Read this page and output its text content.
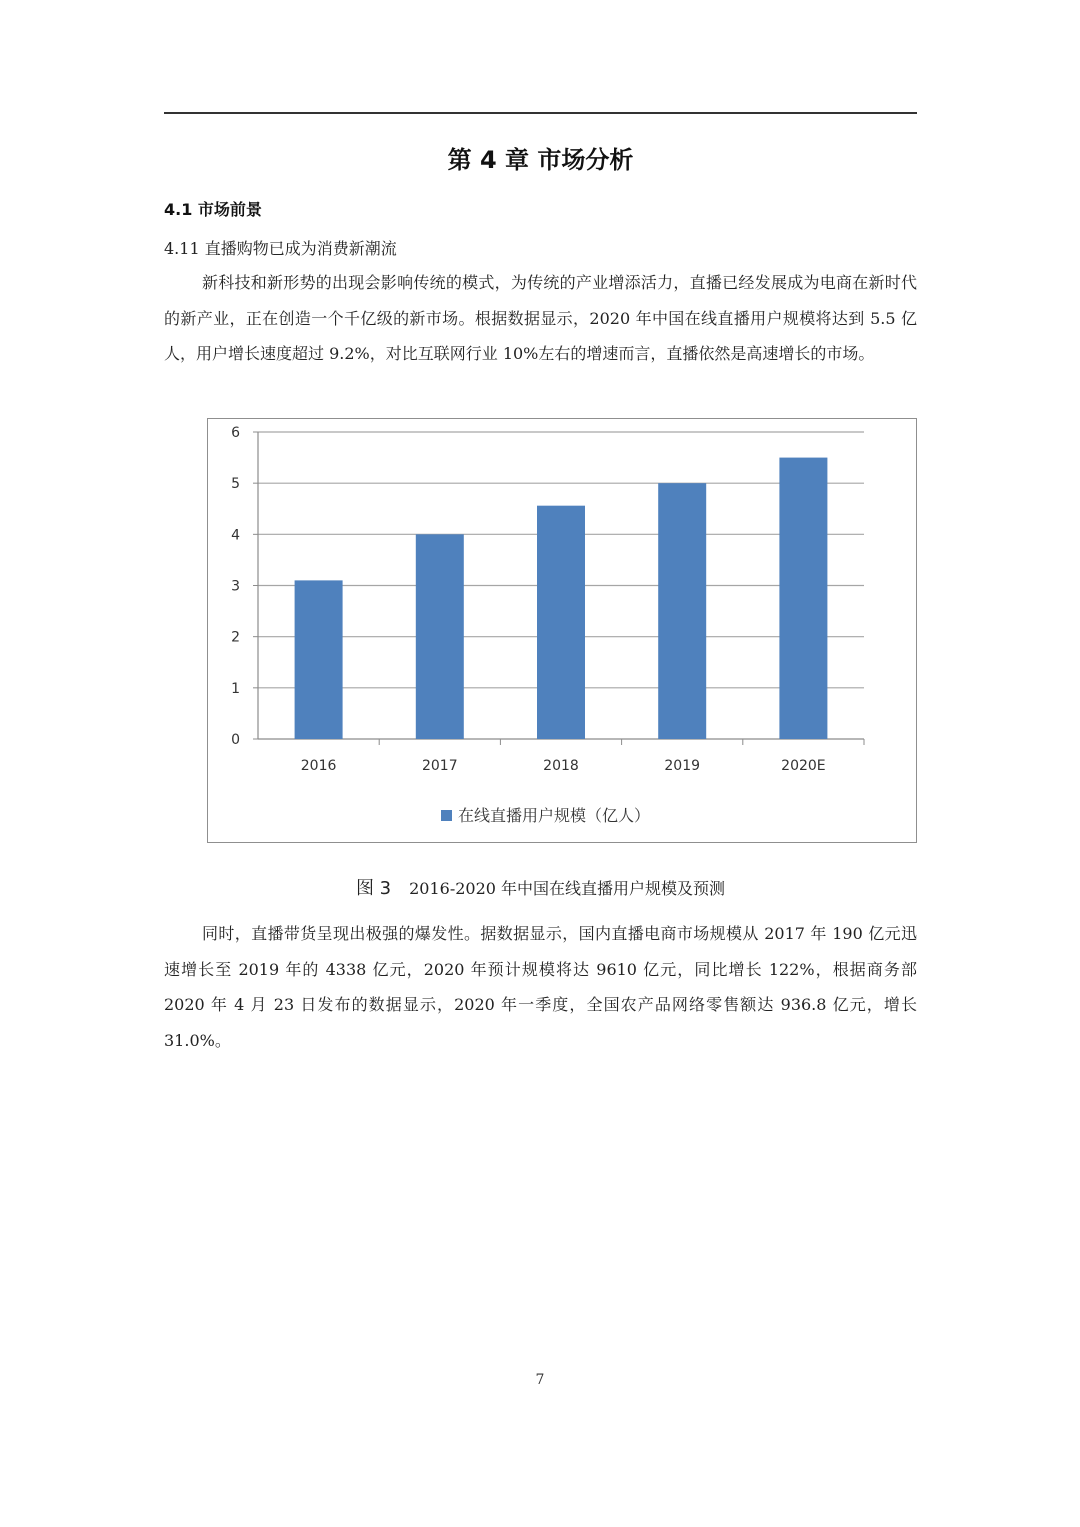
第 4 章 市场分析
4.1 市场前景
4.11 直播购物已成为消费新潮流
新科技和新形势的出现会影响传统的模式，为传统的产业增添活力，直播已经发展成为电商在新时代的新产业，正在创造一个千亿级的新市场。根据数据显示，2020 年中国在线直播用户规模将达到 5.5 亿人，用户增长速度超过 9.2%，对比互联网行业 10%左右的增速而言，直播依然是高速增长的市场。
0
1
2
3
4
5
6
2016	2017	2018	2019	2020E
在线直播用户规模（亿人）
图 3 2016-2020 年中国在线直播用户规模及预测
同时，直播带货呈现出极强的爆发性。据数据显示，国内直播电商市场规模从 2017 年 190 亿元迅速增长至 2019 年的 4338 亿元，2020 年预计规模将达 9610 亿元，同比增长 122%，根据商务部 2020 年 4 月 23 日发布的数据显示，2020 年一季度，全国农产品网络零售额达 936.8 亿元，增长 31.0%。
7
